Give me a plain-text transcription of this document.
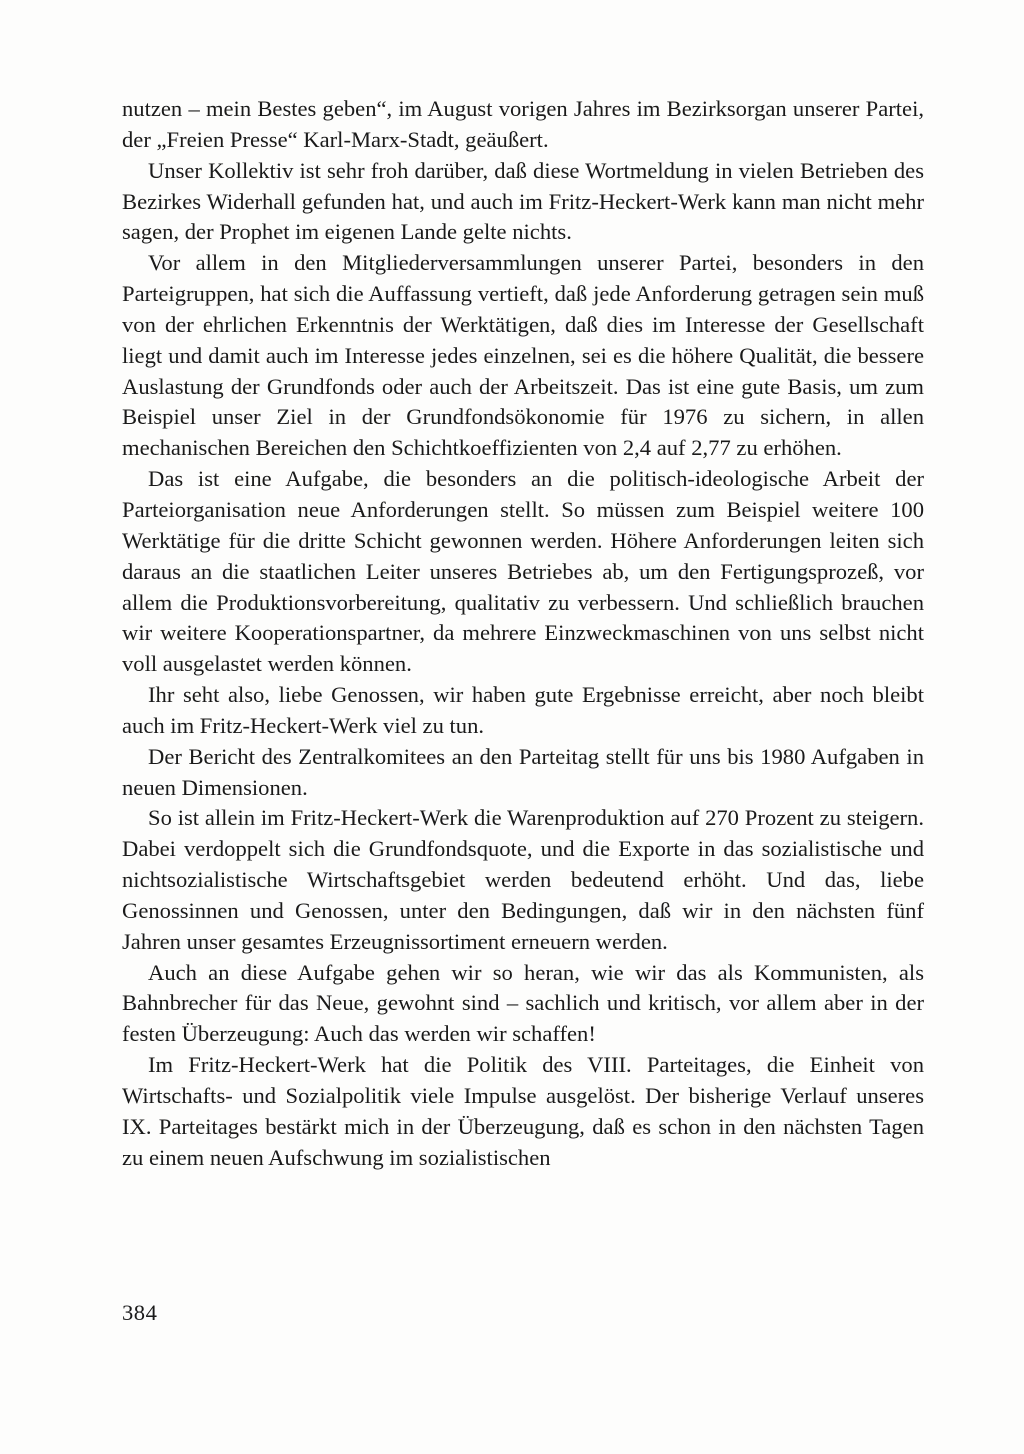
nutzen – mein Bestes geben“, im August vorigen Jahres im Bezirksorgan unserer Partei, der „Freien Presse“ Karl-Marx-Stadt, geäußert.

Unser Kollektiv ist sehr froh darüber, daß diese Wortmeldung in vielen Betrieben des Bezirkes Widerhall gefunden hat, und auch im Fritz-Heckert-Werk kann man nicht mehr sagen, der Prophet im eigenen Lande gelte nichts.

Vor allem in den Mitgliederversammlungen unserer Partei, besonders in den Parteigruppen, hat sich die Auffassung vertieft, daß jede Anforderung getragen sein muß von der ehrlichen Erkenntnis der Werktätigen, daß dies im Interesse der Gesellschaft liegt und damit auch im Interesse jedes einzelnen, sei es die höhere Qualität, die bessere Auslastung der Grundfonds oder auch der Arbeitszeit. Das ist eine gute Basis, um zum Beispiel unser Ziel in der Grundfondsökonomie für 1976 zu sichern, in allen mechanischen Bereichen den Schichtkoeffizienten von 2,4 auf 2,77 zu erhöhen.

Das ist eine Aufgabe, die besonders an die politisch-ideologische Arbeit der Parteiorganisation neue Anforderungen stellt. So müssen zum Beispiel weitere 100 Werktätige für die dritte Schicht gewonnen werden. Höhere Anforderungen leiten sich daraus an die staatlichen Leiter unseres Betriebes ab, um den Fertigungsprozeß, vor allem die Produktionsvorbereitung, qualitativ zu verbessern. Und schließlich brauchen wir weitere Kooperationspartner, da mehrere Einzweckmaschinen von uns selbst nicht voll ausgelastet werden können.

Ihr seht also, liebe Genossen, wir haben gute Ergebnisse erreicht, aber noch bleibt auch im Fritz-Heckert-Werk viel zu tun.

Der Bericht des Zentralkomitees an den Parteitag stellt für uns bis 1980 Aufgaben in neuen Dimensionen.

So ist allein im Fritz-Heckert-Werk die Warenproduktion auf 270 Prozent zu steigern. Dabei verdoppelt sich die Grundfondsquote, und die Exporte in das sozialistische und nichtsozialistische Wirtschaftsgebiet werden bedeutend erhöht. Und das, liebe Genossinnen und Genossen, unter den Bedingungen, daß wir in den nächsten fünf Jahren unser gesamtes Erzeugnissortiment erneuern werden.

Auch an diese Aufgabe gehen wir so heran, wie wir das als Kommunisten, als Bahnbrecher für das Neue, gewohnt sind – sachlich und kritisch, vor allem aber in der festen Überzeugung: Auch das werden wir schaffen!

Im Fritz-Heckert-Werk hat die Politik des VIII. Parteitages, die Einheit von Wirtschafts- und Sozialpolitik viele Impulse ausgelöst. Der bisherige Verlauf unseres IX. Parteitages bestärkt mich in der Überzeugung, daß es schon in den nächsten Tagen zu einem neuen Aufschwung im sozialistischen

384
